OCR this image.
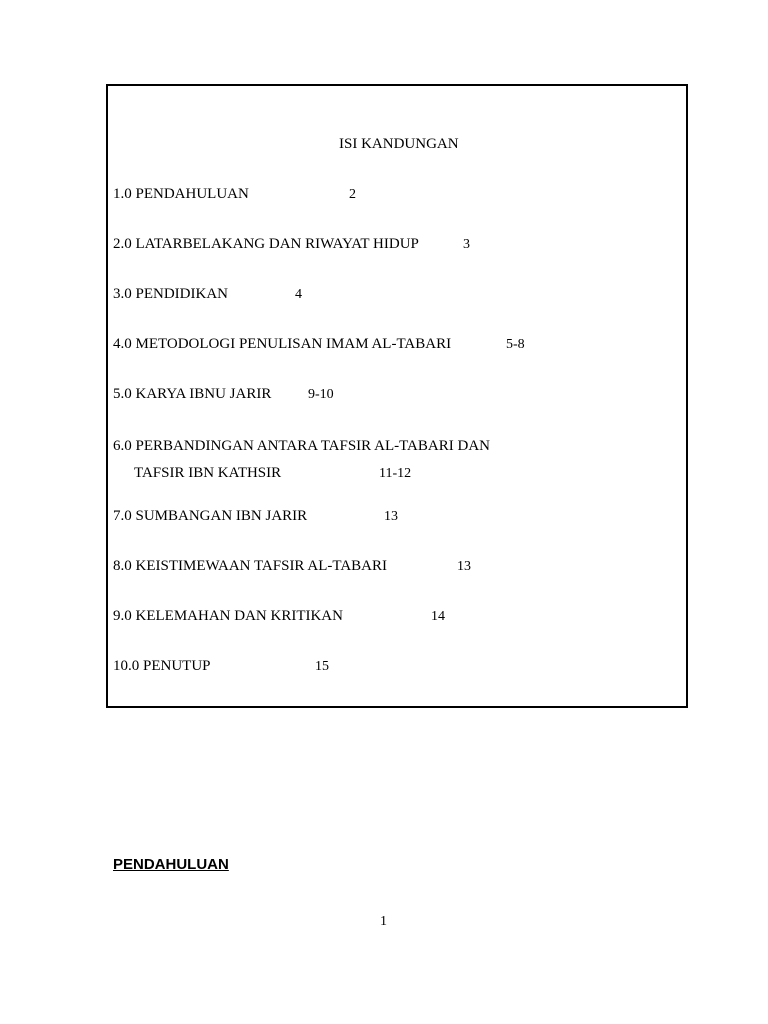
ISI KANDUNGAN
1.0 PENDAHULUAN	2
2.0 LATARBELAKANG DAN RIWAYAT HIDUP	3
3.0 PENDIDIKAN	4
4.0 METODOLOGI PENULISAN IMAM AL-TABARI	5-8
5.0 KARYA IBNU JARIR	9-10
6.0 PERBANDINGAN ANTARA TAFSIR AL-TABARI DAN
TAFSIR IBN KATHSIR	11-12
7.0 SUMBANGAN IBN JARIR	13
8.0 KEISTIMEWAAN TAFSIR AL-TABARI	13
9.0 KELEMAHAN DAN KRITIKAN	14
10.0 PENUTUP	15
PENDAHULUAN
1
